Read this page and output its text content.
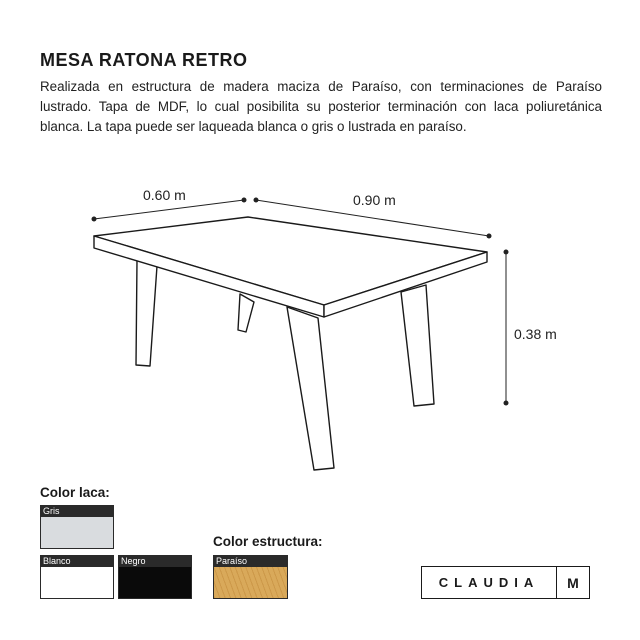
MESA RATONA RETRO

Realizada en estructura de madera maciza de Paraíso, con terminaciones de Paraíso lustrado. Tapa de MDF, lo cual posibilita su posterior terminación con laca poliuretánica blanca. La tapa puede ser laqueada blanca o gris o lustrada en paraíso.

0.60 m	0.90 m
0.38 m
Color laca:
Gris
Blanco	Negro
Color estructura:
Paraíso
CLAUDIA	M
